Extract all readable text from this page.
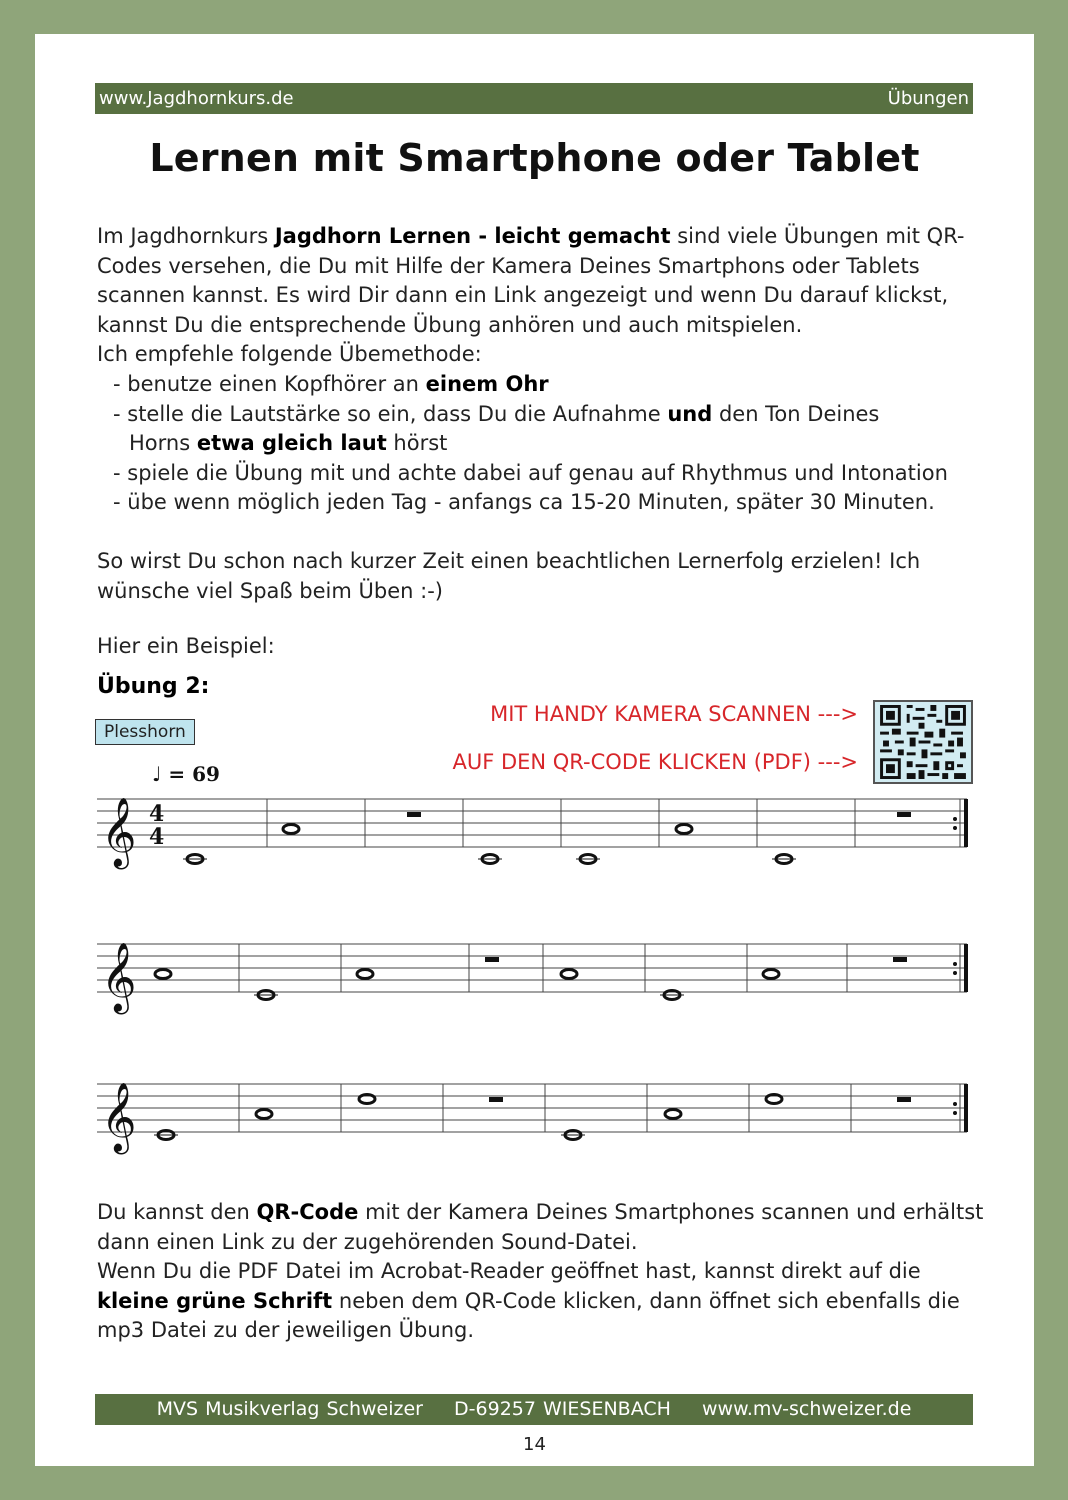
www.Jagdhornkurs.de	Übungen
Lernen mit Smartphone oder Tablet
Im Jagdhornkurs Jagdhorn Lernen - leicht gemacht sind viele Übungen mit QR-Codes versehen, die Du mit Hilfe der Kamera Deines Smartphons oder Tablets scannen kannst. Es wird Dir dann ein Link angezeigt und wenn Du darauf klickst, kannst Du die entsprechende Übung anhören und auch mitspielen.
Ich empfehle folgende Übemethode:
- benutze einen Kopfhörer an einem Ohr
- stelle die Lautstärke so ein, dass Du die Aufnahme und den Ton Deines
Horns etwa gleich laut hörst
- spiele die Übung mit und achte dabei auf genau auf Rhythmus und Intonation
- übe wenn möglich jeden Tag - anfangs ca 15-20 Minuten, später 30 Minuten.
So wirst Du schon nach kurzer Zeit einen beachtlichen Lernerfolg erzielen! Ich wünsche viel Spaß beim Üben :-)
Hier ein Beispiel:
Übung 2:
MIT HANDY KAMERA SCANNEN --->
AUF DEN QR-CODE KLICKEN (PDF) --->
Plesshorn
♩ = 69
𝄞 4
4
𝄞
𝄞
Du kannst den QR-Code mit der Kamera Deines Smartphones scannen und erhältst dann einen Link zu der zugehörenden Sound-Datei.
Wenn Du die PDF Datei im Acrobat-Reader geöffnet hast, kannst direkt auf die kleine grüne Schrift neben dem QR-Code klicken, dann öffnet sich ebenfalls die mp3 Datei zu der jeweiligen Übung.
MVS Musikverlag Schweizer D-69257 WIESENBACH www.mv-schweizer.de
14
